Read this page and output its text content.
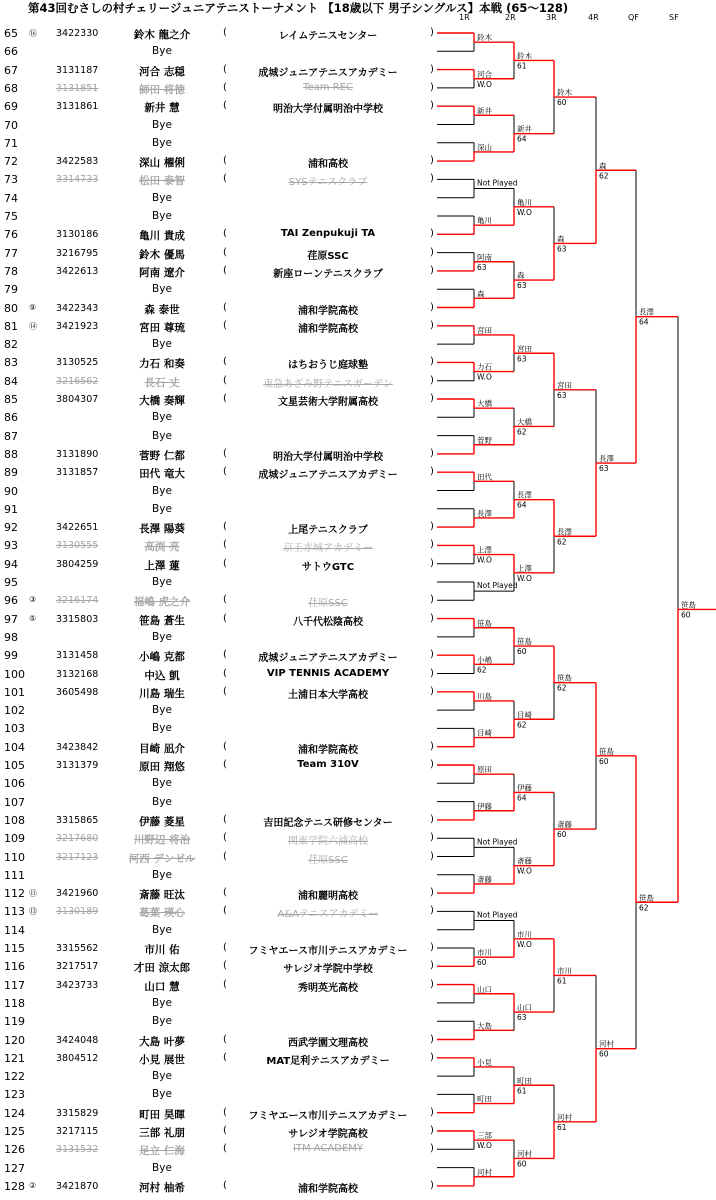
第43回むさしの村チェリージュニアテニストーナメント 【18歳以下 男子シングルス】本戦 (65～128)
1R	2R	3R	4R	QF	SF
65 ⑯ 3422330	鈴木 龍之介	(	レイムテニスセンター	)
66	Bye
67	3131187	河合 志穏	(	成城ジュニアテニスアカデミー	)
68	3131851	師田 将徳	(	Team REC	)
69	3131861	新井 慧	(	明治大学付属明治中学校	)
70	Bye
71	Bye
72	3422583	深山 櫂俐	(	浦和高校	)
73	3314733	松田 泰智	(	SYSテニスクラブ	)
74	Bye
75	Bye
76	3130186	亀川 貴成	(	TAI Zenpukuji TA	)
77	3216795	鈴木 優馬	(	荏原SSC	)
78	3422613	阿南 遼介	(	新座ローンテニスクラブ	)
79	Bye
80 ⑨ 3422343	森 泰世	(	浦和学院高校	)
81 ⑭ 3421923	宮田 尊琉	(	浦和学院高校	)
82	Bye
83	3130525	力石 和奏	(	はちおうじ庭球塾	)
84	3216562	長石 丈	(	東急あざみ野テニスガーデン	)
85	3804307	大橋 奏輝	(	文星芸術大学附属高校	)
86	Bye
87	Bye
88	3131890	菅野 仁都	(	明治大学付属明治中学校	)
89	3131857	田代 竜大	(	成城ジュニアテニスアカデミー	)
90	Bye
91	Bye
92	3422651	長澤 陽葵	(	上尾テニスクラブ	)
93	3130555	高渕 亮	(	京王赤城アカデミー	)
94	3804259	上澤 蓮	(	サトウGTC	)
95	Bye
96 ③ 3216174	福嶋 虎之介	(	荏原SSC	)
97 ⑤ 3315803	笹島 蒼生	(	八千代松陰高校	)
98	Bye
99	3131458	小嶋 克都	(	成城ジュニアテニスアカデミー	)
100	3132168	中込 凱	(	VIP TENNIS ACADEMY	)
101	3605498	川島 瑞生	(	土浦日本大学高校	)
102	Bye
103	Bye
104	3423842	目崎 凪介	(	浦和学院高校	)
105	3131379	原田 翔悠	(	Team 310V	)
106	Bye
107	Bye
108	3315865	伊藤 菱星	(	吉田記念テニス研修センター	)
109	3217680	川野辺 将治	(	関東学院六浦高校	)
110	3217123	河西 デンゼル	(	荏原SSC	)
111	Bye
112 ⑪ 3421960	斎藤 旺汰	(	浦和麗明高校	)
113 ⑬ 3130189	葛葉 瑛心	(	A&Aテニスアカデミー	)
114	Bye
115	3315562	市川 佑	(	フミヤエース市川テニスアカデミー	)
116	3217517	才田 涼太郎	(	サレジオ学院中学校	)
117	3423733	山口 慧	(	秀明英光高校	)
118	Bye
119	Bye
120	3424048	大島 叶夢	(	西武学園文理高校	)
121	3804512	小見 展世	(	MAT足利テニスアカデミー	)
122	Bye
123	Bye
124	3315829	町田 昊暉	(	フミヤエース市川テニスアカデミー	)
125	3217115	三部 礼朋	(	サレジオ学院高校	)
126	3131532	足立 仁海	(	ITM ACADEMY	)
127	Bye
128 ② 3421870	河村 柚希	(	浦和学院高校	)
鈴木
河合
W.O
新井
深山
Not Played
亀川
阿南
63
森
宮田
力石
W.O
大橋
菅野
田代
長澤
上澤
W.O
Not Played
笹島
小嶋
62
川島
目崎
原田
伊藤
Not Played
斎藤
Not Played
市川
60
山口
大島
小見
町田
三部
W.O
河村
鈴木
61
新井
64
亀川
W.O
森
63
宮田
63
大橋
62
長澤
64
上澤
W.O
笹島
60
目崎
62
伊藤
64
斎藤
W.O
市川
W.O
山口
63
町田
61
河村
60
鈴木
60
森
63
宮田
63
長澤
62
笹島
62
斎藤
60
市川
61
河村
61
森
62
長澤
63
笹島
60
河村
60
長澤
64
笹島
62
笹島
60
